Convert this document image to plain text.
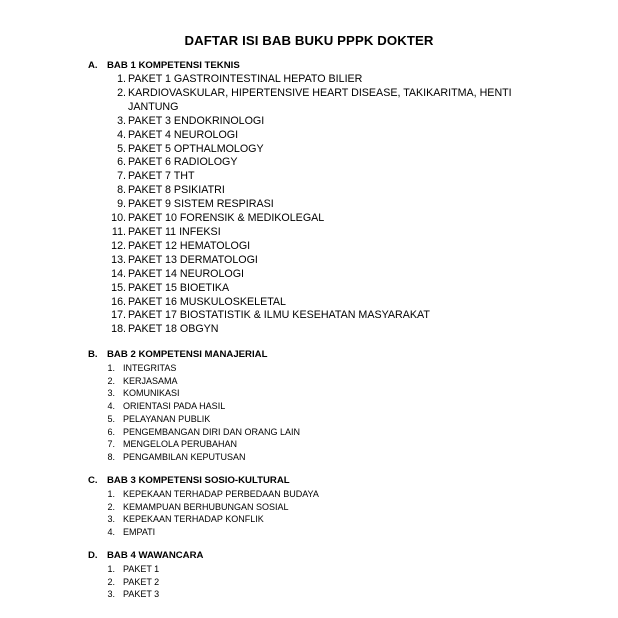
DAFTAR ISI BAB BUKU PPPK DOKTER
A. BAB 1 KOMPETENSI TEKNIS
1. PAKET 1 GASTROINTESTINAL HEPATO BILIER
2. KARDIOVASKULAR, HIPERTENSIVE HEART DISEASE, TAKIKARITMA, HENTI JANTUNG
3. PAKET 3 ENDOKRINOLOGI
4. PAKET 4 NEUROLOGI
5. PAKET 5 OPTHALMOLOGY
6. PAKET 6 RADIOLOGY
7. PAKET 7 THT
8. PAKET 8 PSIKIATRI
9. PAKET 9 SISTEM RESPIRASI
10. PAKET 10 FORENSIK & MEDIKOLEGAL
11. PAKET 11 INFEKSI
12. PAKET 12 HEMATOLOGI
13. PAKET 13 DERMATOLOGI
14. PAKET 14 NEUROLOGI
15. PAKET 15 BIOETIKA
16. PAKET 16 MUSKULOSKELETAL
17. PAKET 17 BIOSTATISTIK & ILMU KESEHATAN MASYARAKAT
18. PAKET 18 OBGYN
B. BAB 2 KOMPETENSI MANAJERIAL
1. INTEGRITAS
2. KERJASAMA
3. KOMUNIKASI
4. ORIENTASI PADA HASIL
5. PELAYANAN PUBLIK
6. PENGEMBANGAN DIRI DAN ORANG LAIN
7. MENGELOLA PERUBAHAN
8. PENGAMBILAN KEPUTUSAN
C. BAB 3 KOMPETENSI SOSIO-KULTURAL
1. KEPEKAAN TERHADAP PERBEDAAN BUDAYA
2. KEMAMPUAN BERHUBUNGAN SOSIAL
3. KEPEKAAN TERHADAP KONFLIK
4. EMPATI
D. BAB 4 WAWANCARA
1. PAKET 1
2. PAKET 2
3. PAKET 3
